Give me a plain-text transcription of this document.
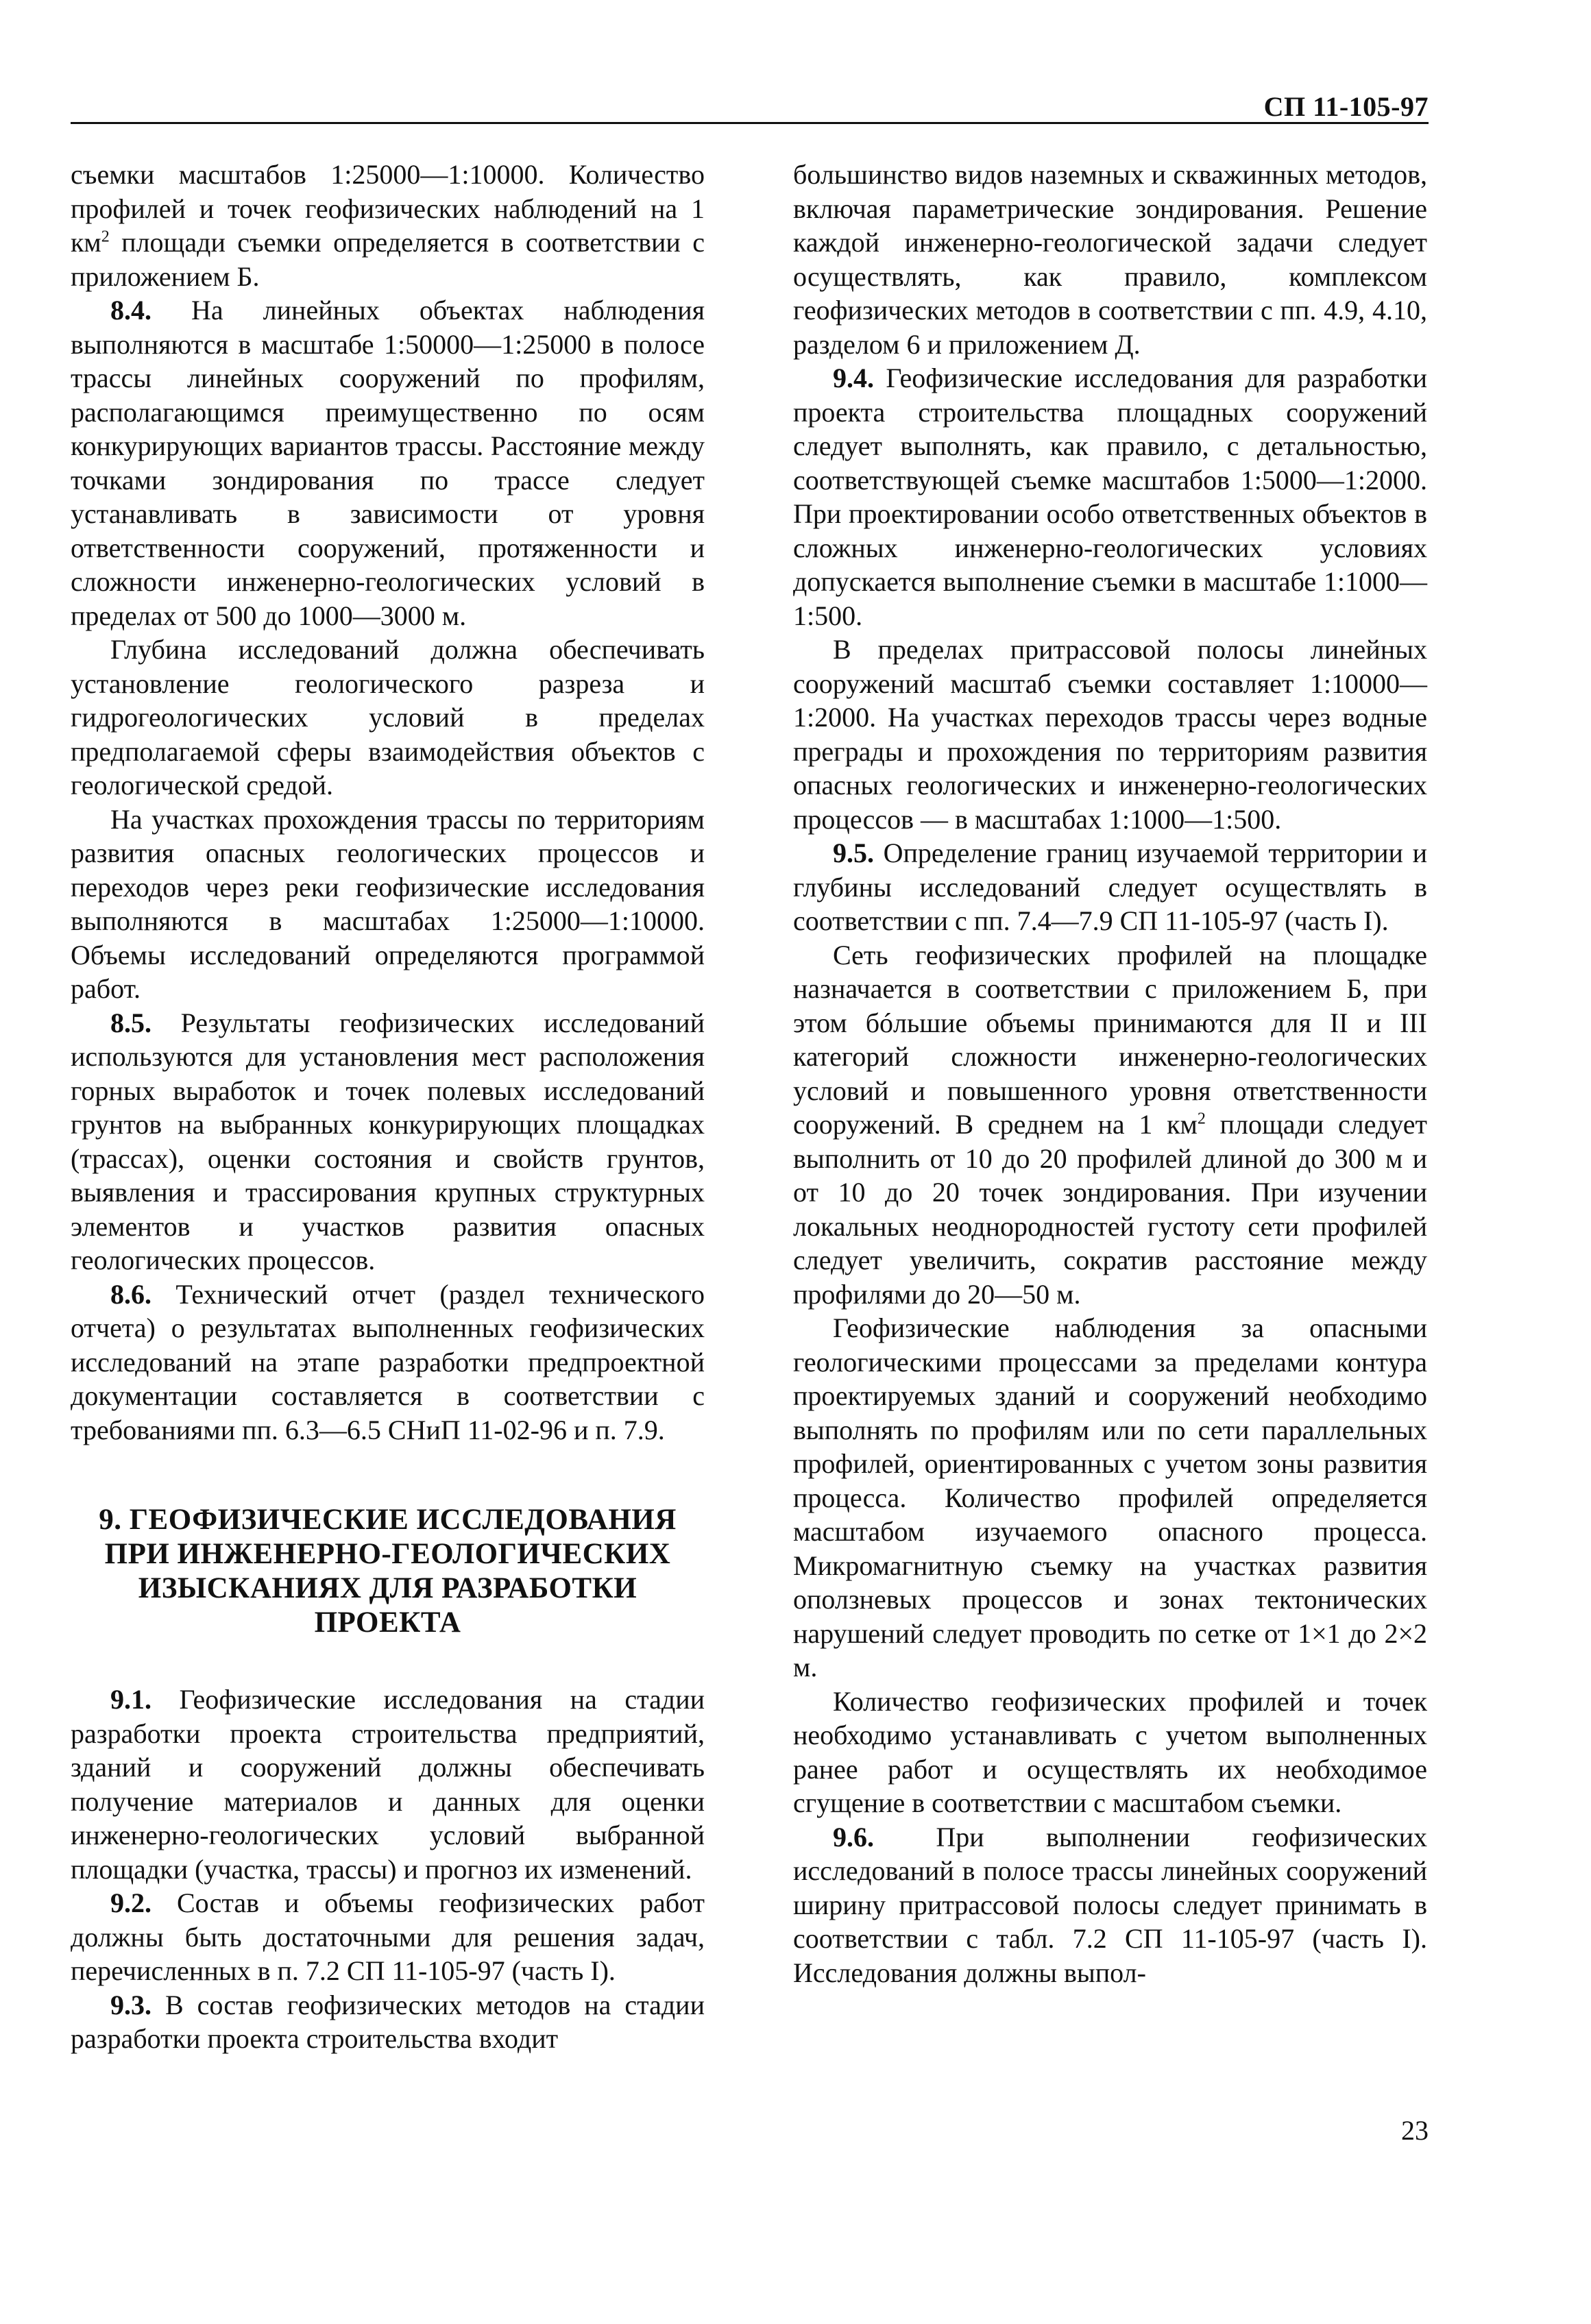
СП 11-105-97

съемки масштабов 1:25000—1:10000. Количество профилей и точек геофизических наблюдений на 1 $км^2$ площади съемки определяется в соответствии с приложением Б.

8.4. На линейных объектах наблюдения выполняются в масштабе 1:50000—1:25000 в полосе трассы линейных сооружений по профилям, располагающимся преимущественно по осям конкурирующих вариантов трассы. Расстояние между точками зондирования по трассе следует устанавливать в зависимости от уровня ответственности сооружений, протяженности и сложности инженерно-геологических условий в пределах от 500 до 1000—3000 м.

Глубина исследований должна обеспечивать установление геологического разреза и гидрогеологических условий в пределах предполагаемой сферы взаимодействия объектов с геологической средой.

На участках прохождения трассы по территориям развития опасных геологических процессов и переходов через реки геофизические исследования выполняются в масштабах 1:25000—1:10000. Объемы исследований определяются программой работ.

8.5. Результаты геофизических исследований используются для установления мест расположения горных выработок и точек полевых исследований грунтов на выбранных конкурирующих площадках (трассах), оценки состояния и свойств грунтов, выявления и трассирования крупных структурных элементов и участков развития опасных геологических процессов.

8.6. Технический отчет (раздел технического отчета) о результатах выполненных геофизических исследований на этапе разработки предпроектной документации составляется в соответствии с требованиями пп. 6.3—6.5 СНиП 11-02-96 и п. 7.9.

9. ГЕОФИЗИЧЕСКИЕ ИССЛЕДОВАНИЯ
ПРИ ИНЖЕНЕРНО-ГЕОЛОГИЧЕСКИХ
ИЗЫСКАНИЯХ ДЛЯ РАЗРАБОТКИ
ПРОЕКТА

9.1. Геофизические исследования на стадии разработки проекта строительства предприятий, зданий и сооружений должны обеспечивать получение материалов и данных для оценки инженерно-геологических условий выбранной площадки (участка, трассы) и прогноз их изменений.

9.2. Состав и объемы геофизических работ должны быть достаточными для решения задач, перечисленных в п. 7.2 СП 11-105-97 (часть I).

9.3. В состав геофизических методов на стадии разработки проекта строительства входит

большинство видов наземных и скважинных методов, включая параметрические зондирования. Решение каждой инженерно-геологической задачи следует осуществлять, как правило, комплексом геофизических методов в соответствии с пп. 4.9, 4.10, разделом 6 и приложением Д.

9.4. Геофизические исследования для разработки проекта строительства площадных сооружений следует выполнять, как правило, с детальностью, соответствующей съемке масштабов 1:5000—1:2000. При проектировании особо ответственных объектов в сложных инженерно-геологических условиях допускается выполнение съемки в масштабе 1:1000—1:500.

В пределах притрассовой полосы линейных сооружений масштаб съемки составляет 1:10000—1:2000. На участках переходов трассы через водные преграды и прохождения по территориям развития опасных геологических и инженерно-геологических процессов — в масштабах 1:1000—1:500.

9.5. Определение границ изучаемой территории и глубины исследований следует осуществлять в соответствии с пп. 7.4—7.9 СП 11-105-97 (часть I).

Сеть геофизических профилей на площадке назначается в соответствии с приложением Б, при этом бóльшие объемы принимаются для II и III категорий сложности инженерно-геологических условий и повышенного уровня ответственности сооружений. В среднем на 1 $км^2$ площади следует выполнить от 10 до 20 профилей длиной до 300 м и от 10 до 20 точек зондирования. При изучении локальных неоднородностей густоту сети профилей следует увеличить, сократив расстояние между профилями до 20—50 м.

Геофизические наблюдения за опасными геологическими процессами за пределами контура проектируемых зданий и сооружений необходимо выполнять по профилям или по сети параллельных профилей, ориентированных с учетом зоны развития процесса. Количество профилей определяется масштабом изучаемого опасного процесса. Микромагнитную съемку на участках развития оползневых процессов и зонах тектонических нарушений следует проводить по сетке от 1×1 до 2×2 м.

Количество геофизических профилей и точек необходимо устанавливать с учетом выполненных ранее работ и осуществлять их необходимое сгущение в соответствии с масштабом съемки.

9.6. При выполнении геофизических исследований в полосе трассы линейных сооружений ширину притрассовой полосы следует принимать в соответствии с табл. 7.2 СП 11-105-97 (часть I). Исследования должны выпол-

23
